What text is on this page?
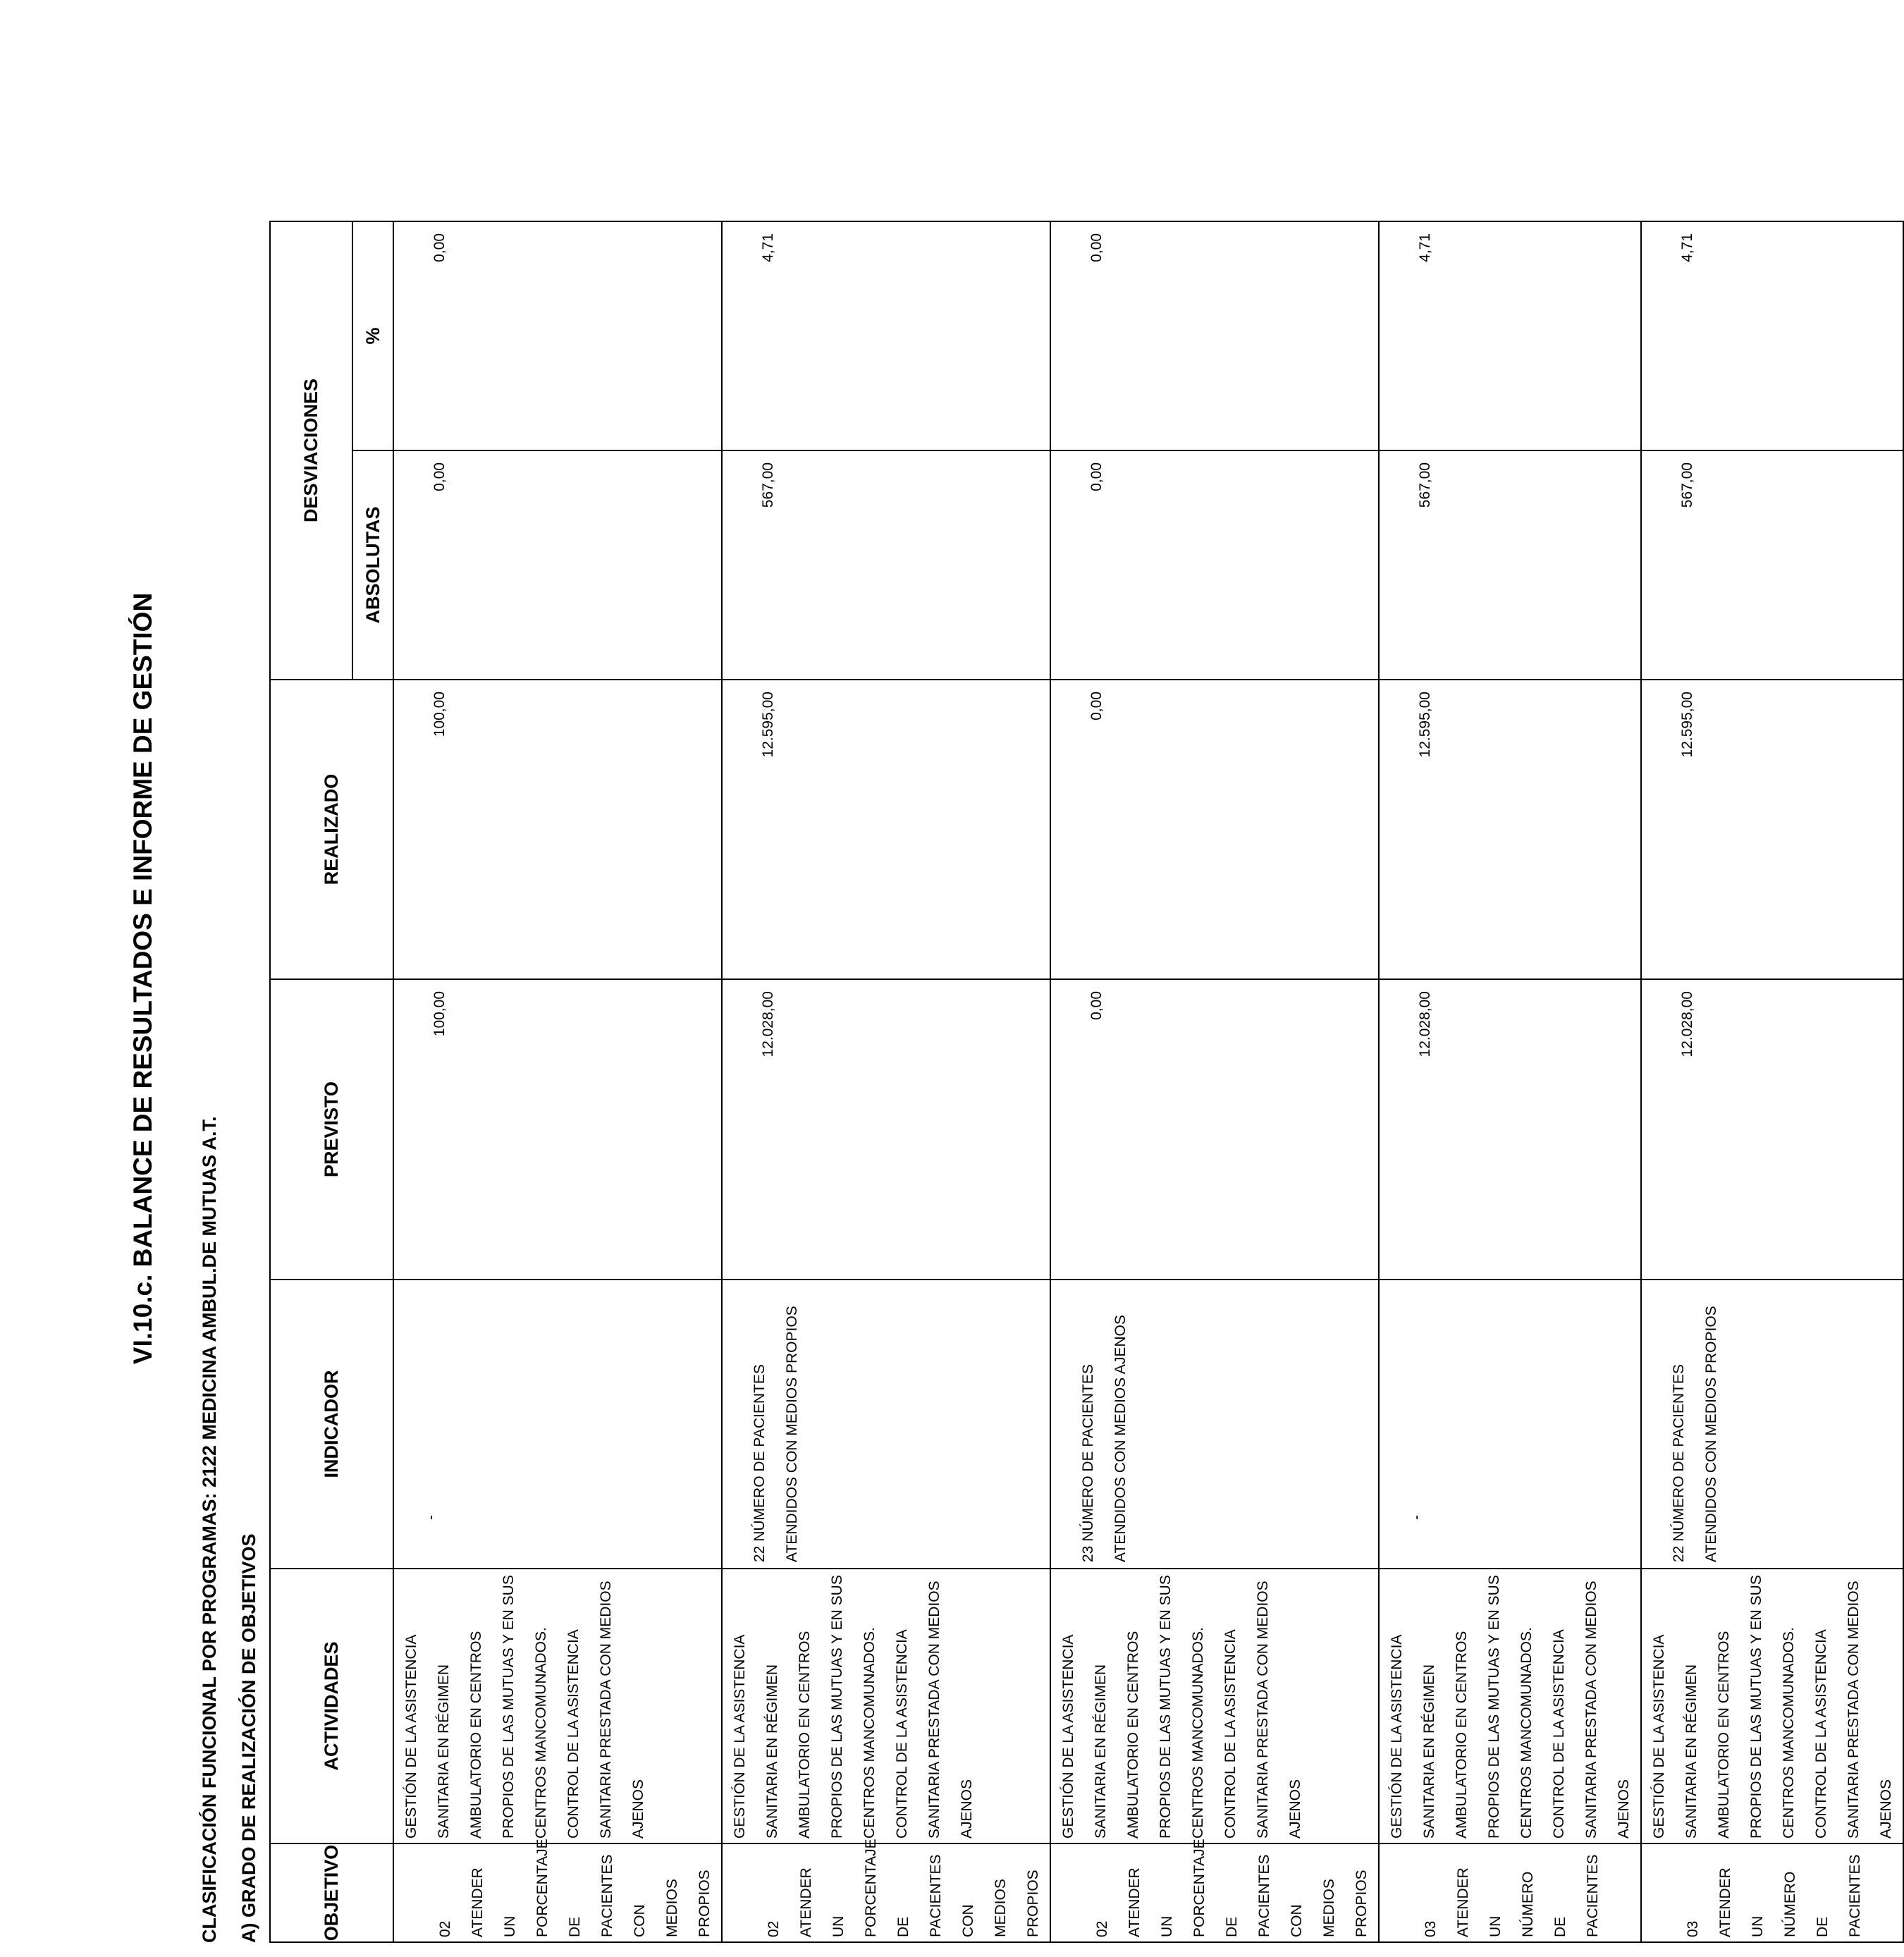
VI.10.c. BALANCE DE RESULTADOS E INFORME DE GESTIÓN
CLASIFICACIÓN FUNCIONAL POR PROGRAMAS: 2122 MEDICINA AMBUL.DE MUTUAS A.T. A) GRADO DE REALIZACIÓN DE OBJETIVOS	OBJETIVO	ACTIVIDADES	INDICADOR	PREVISTO	REALIZADO	DESVIACIONES	
					ABSOLUTAS	%
02 ATENDER UN PORCENTAJE DE PACIENTES CON MEDIOS PROPIOS	GESTIÓN DE LA ASISTENCIA SANITARIA EN RÉGIMEN AMBULATORIO EN CENTROS PROPIOS DE LAS MUTUAS Y EN SUS CENTROS MANCOMUNADOS. CONTROL DE LA ASISTENCIA SANITARIA PRESTADA CON MEDIOS AJENOS	-	100,00	100,00	0,00	0,00
02 ATENDER UN PORCENTAJE DE PACIENTES CON MEDIOS PROPIOS	GESTIÓN DE LA ASISTENCIA SANITARIA EN RÉGIMEN AMBULATORIO EN CENTROS PROPIOS DE LAS MUTUAS Y EN SUS CENTROS MANCOMUNADOS. CONTROL DE LA ASISTENCIA SANITARIA PRESTADA CON MEDIOS AJENOS	22 NÚMERO DE PACIENTES ATENDIDOS CON MEDIOS PROPIOS	12.028,00	12.595,00	567,00	4,71
02 ATENDER UN PORCENTAJE DE PACIENTES CON MEDIOS PROPIOS	GESTIÓN DE LA ASISTENCIA SANITARIA EN RÉGIMEN AMBULATORIO EN CENTROS PROPIOS DE LAS MUTUAS Y EN SUS CENTROS MANCOMUNADOS. CONTROL DE LA ASISTENCIA SANITARIA PRESTADA CON MEDIOS AJENOS	23 NÚMERO DE PACIENTES ATENDIDOS CON MEDIOS AJENOS	0,00	0,00	0,00	0,00
03 ATENDER UN NÚMERO DE PACIENTES	GESTIÓN DE LA ASISTENCIA SANITARIA EN RÉGIMEN AMBULATORIO EN CENTROS PROPIOS DE LAS MUTUAS Y EN SUS CENTROS MANCOMUNADOS. CONTROL DE LA ASISTENCIA SANITARIA PRESTADA CON MEDIOS AJENOS	-	12.028,00	12.595,00	567,00	4,71
03 ATENDER UN NÚMERO DE PACIENTES	GESTIÓN DE LA ASISTENCIA SANITARIA EN RÉGIMEN AMBULATORIO EN CENTROS PROPIOS DE LAS MUTUAS Y EN SUS CENTROS MANCOMUNADOS. CONTROL DE LA ASISTENCIA SANITARIA PRESTADA CON MEDIOS AJENOS	22 NÚMERO DE PACIENTES ATENDIDOS CON MEDIOS PROPIOS	12.028,00	12.595,00	567,00	4,71
